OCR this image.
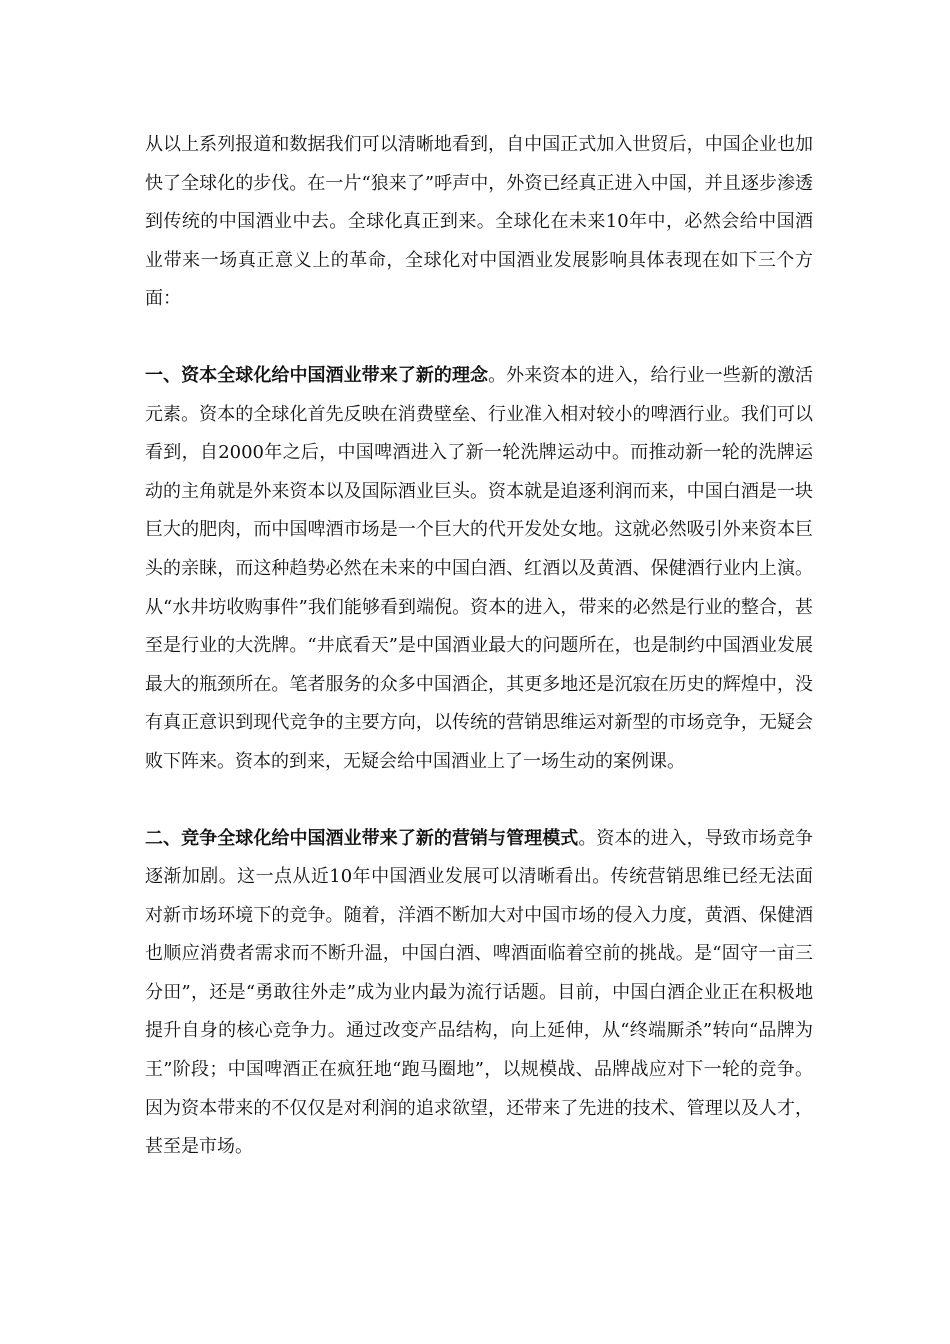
从以上系列报道和数据我们可以清晰地看到，自中国正式加入世贸后，中国企业也加快了全球化的步伐。在一片“狼来了”呼声中，外资已经真正进入中国，并且逐步渗透到传统的中国酒业中去。全球化真正到来。全球化在未来10年中，必然会给中国酒业带来一场真正意义上的革命，全球化对中国酒业发展影响具体表现在如下三个方面：

一、资本全球化给中国酒业带来了新的理念。外来资本的进入，给行业一些新的激活元素。资本的全球化首先反映在消费壁垒、行业准入相对较小的啤酒行业。我们可以看到，自2000年之后，中国啤酒进入了新一轮洗牌运动中。而推动新一轮的洗牌运动的主角就是外来资本以及国际酒业巨头。资本就是追逐利润而来，中国白酒是一块巨大的肥肉，而中国啤酒市场是一个巨大的代开发处女地。这就必然吸引外来资本巨头的亲睐，而这种趋势必然在未来的中国白酒、红酒以及黄酒、保健酒行业内上演。从“水井坊收购事件”我们能够看到端倪。资本的进入，带来的必然是行业的整合，甚至是行业的大洗牌。“井底看天”是中国酒业最大的问题所在，也是制约中国酒业发展最大的瓶颈所在。笔者服务的众多中国酒企，其更多地还是沉寂在历史的辉煌中，没有真正意识到现代竞争的主要方向，以传统的营销思维运对新型的市场竞争，无疑会败下阵来。资本的到来，无疑会给中国酒业上了一场生动的案例课。

二、竞争全球化给中国酒业带来了新的营销与管理模式。资本的进入，导致市场竞争逐渐加剧。这一点从近10年中国酒业发展可以清晰看出。传统营销思维已经无法面对新市场环境下的竞争。随着，洋酒不断加大对中国市场的侵入力度，黄酒、保健酒也顺应消费者需求而不断升温，中国白酒、啤酒面临着空前的挑战。是“固守一亩三分田”，还是“勇敢往外走”成为业内最为流行话题。目前，中国白酒企业正在积极地提升自身的核心竞争力。通过改变产品结构，向上延伸，从“终端厮杀”转向“品牌为王”阶段；中国啤酒正在疯狂地“跑马圈地”，以规模战、品牌战应对下一轮的竞争。因为资本带来的不仅仅是对利润的追求欲望，还带来了先进的技术、管理以及人才，甚至是市场。
